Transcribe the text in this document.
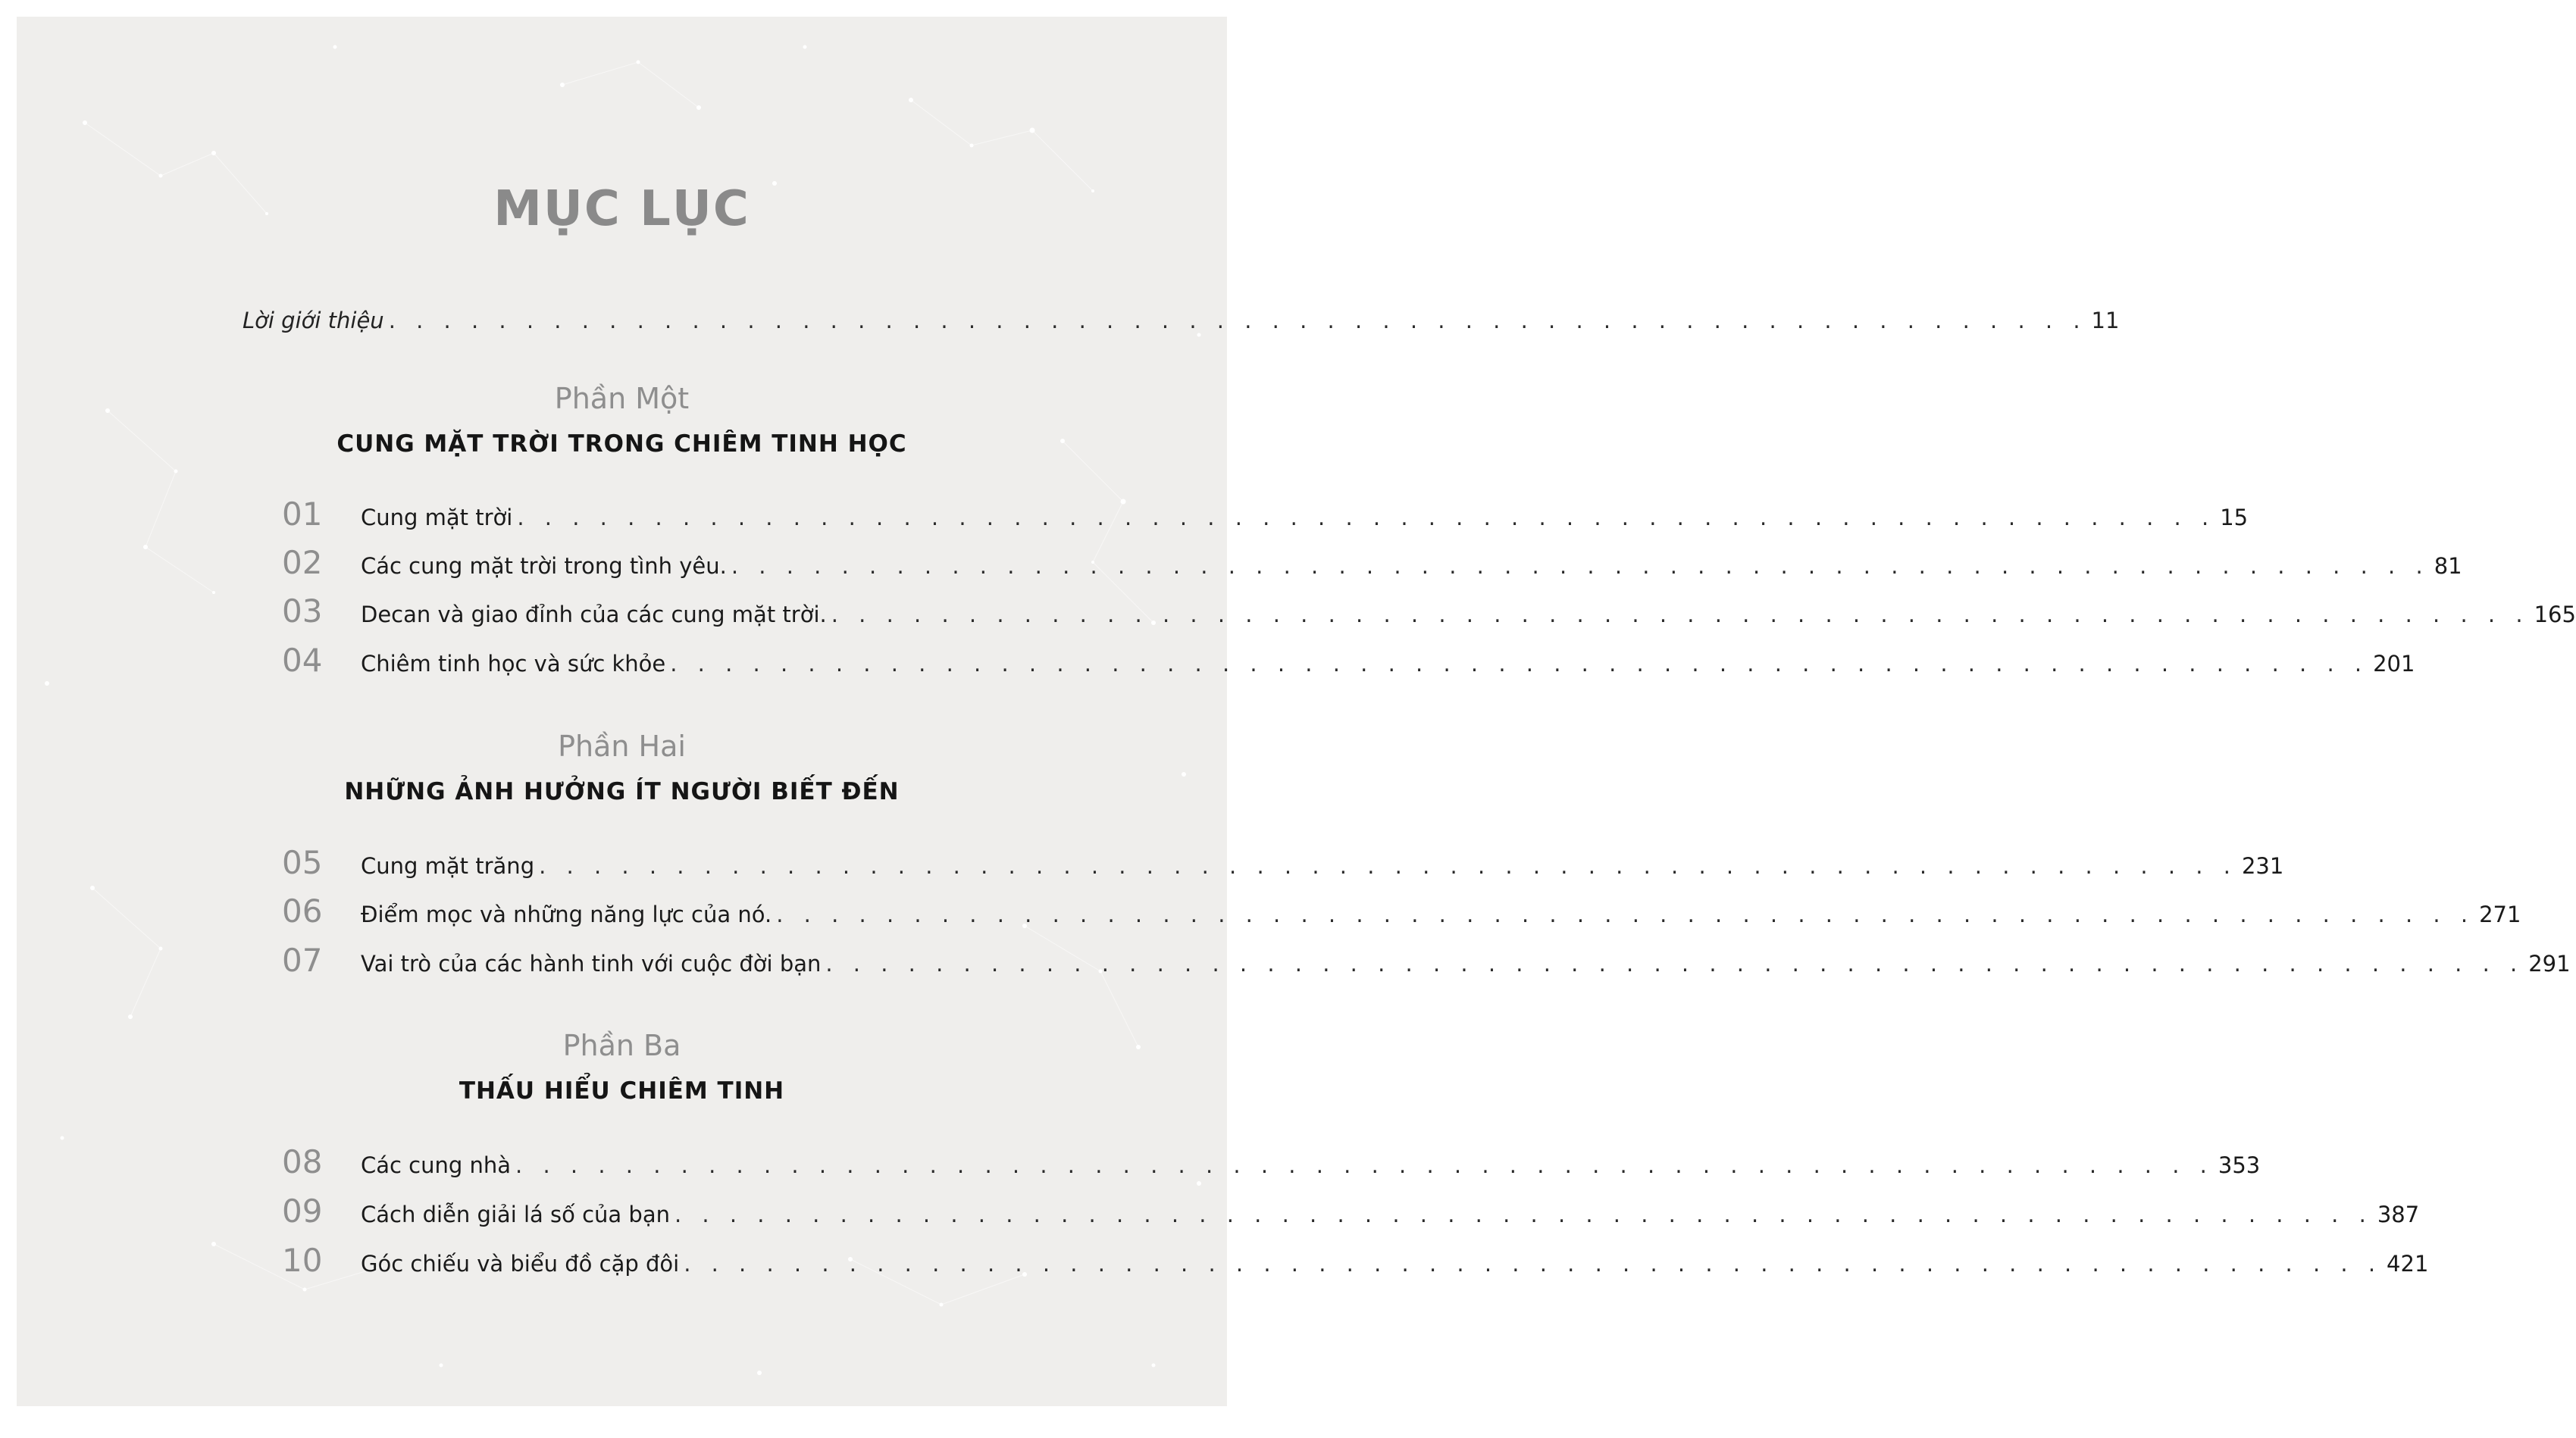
MỤC LỤC
Lời giới thiệu . . . . . . . . . . . . . . . . . . . . . . . . . . . . . . . . . . . . . . . . . . . . . . . . . . . . . . . . . . . . . . 11
Phần Một
CUNG MẶT TRỜI TRONG CHIÊM TINH HỌC
01	Cung mặt trời . . . . . . . . . . . . . . . . . . . . . . . . . . . . . . . . . . . . . . . . . . . . . . . . . . . . . . . . . . . . . . 15
02	Các cung mặt trời trong tình yêu. . . . . . . . . . . . . . . . . . . . . . . . . . . . . . . . . . . . . . . . . . . . . . . . . . . . . . . . . . . . . . . 81
03	Decan và giao đỉnh của các cung mặt trời. . . . . . . . . . . . . . . . . . . . . . . . . . . . . . . . . . . . . . . . . . . . . . . . . . . . . . . . . . . . . . . 165
04	Chiêm tinh học và sức khỏe . . . . . . . . . . . . . . . . . . . . . . . . . . . . . . . . . . . . . . . . . . . . . . . . . . . . . . . . . . . . . . 201
Phần Hai
NHỮNG ẢNH HƯỞNG ÍT NGƯỜI BIẾT ĐẾN
05	Cung mặt trăng . . . . . . . . . . . . . . . . . . . . . . . . . . . . . . . . . . . . . . . . . . . . . . . . . . . . . . . . . . . . . . 231
06	Điểm mọc và những năng lực của nó. . . . . . . . . . . . . . . . . . . . . . . . . . . . . . . . . . . . . . . . . . . . . . . . . . . . . . . . . . . . . . . 271
07	Vai trò của các hành tinh với cuộc đời bạn . . . . . . . . . . . . . . . . . . . . . . . . . . . . . . . . . . . . . . . . . . . . . . . . . . . . . . . . . . . . . . 291
Phần Ba
THẤU HIỂU CHIÊM TINH
08	Các cung nhà . . . . . . . . . . . . . . . . . . . . . . . . . . . . . . . . . . . . . . . . . . . . . . . . . . . . . . . . . . . . . . 353
09	Cách diễn giải lá số của bạn . . . . . . . . . . . . . . . . . . . . . . . . . . . . . . . . . . . . . . . . . . . . . . . . . . . . . . . . . . . . . . 387
10	Góc chiếu và biểu đồ cặp đôi . . . . . . . . . . . . . . . . . . . . . . . . . . . . . . . . . . . . . . . . . . . . . . . . . . . . . . . . . . . . . . 421
